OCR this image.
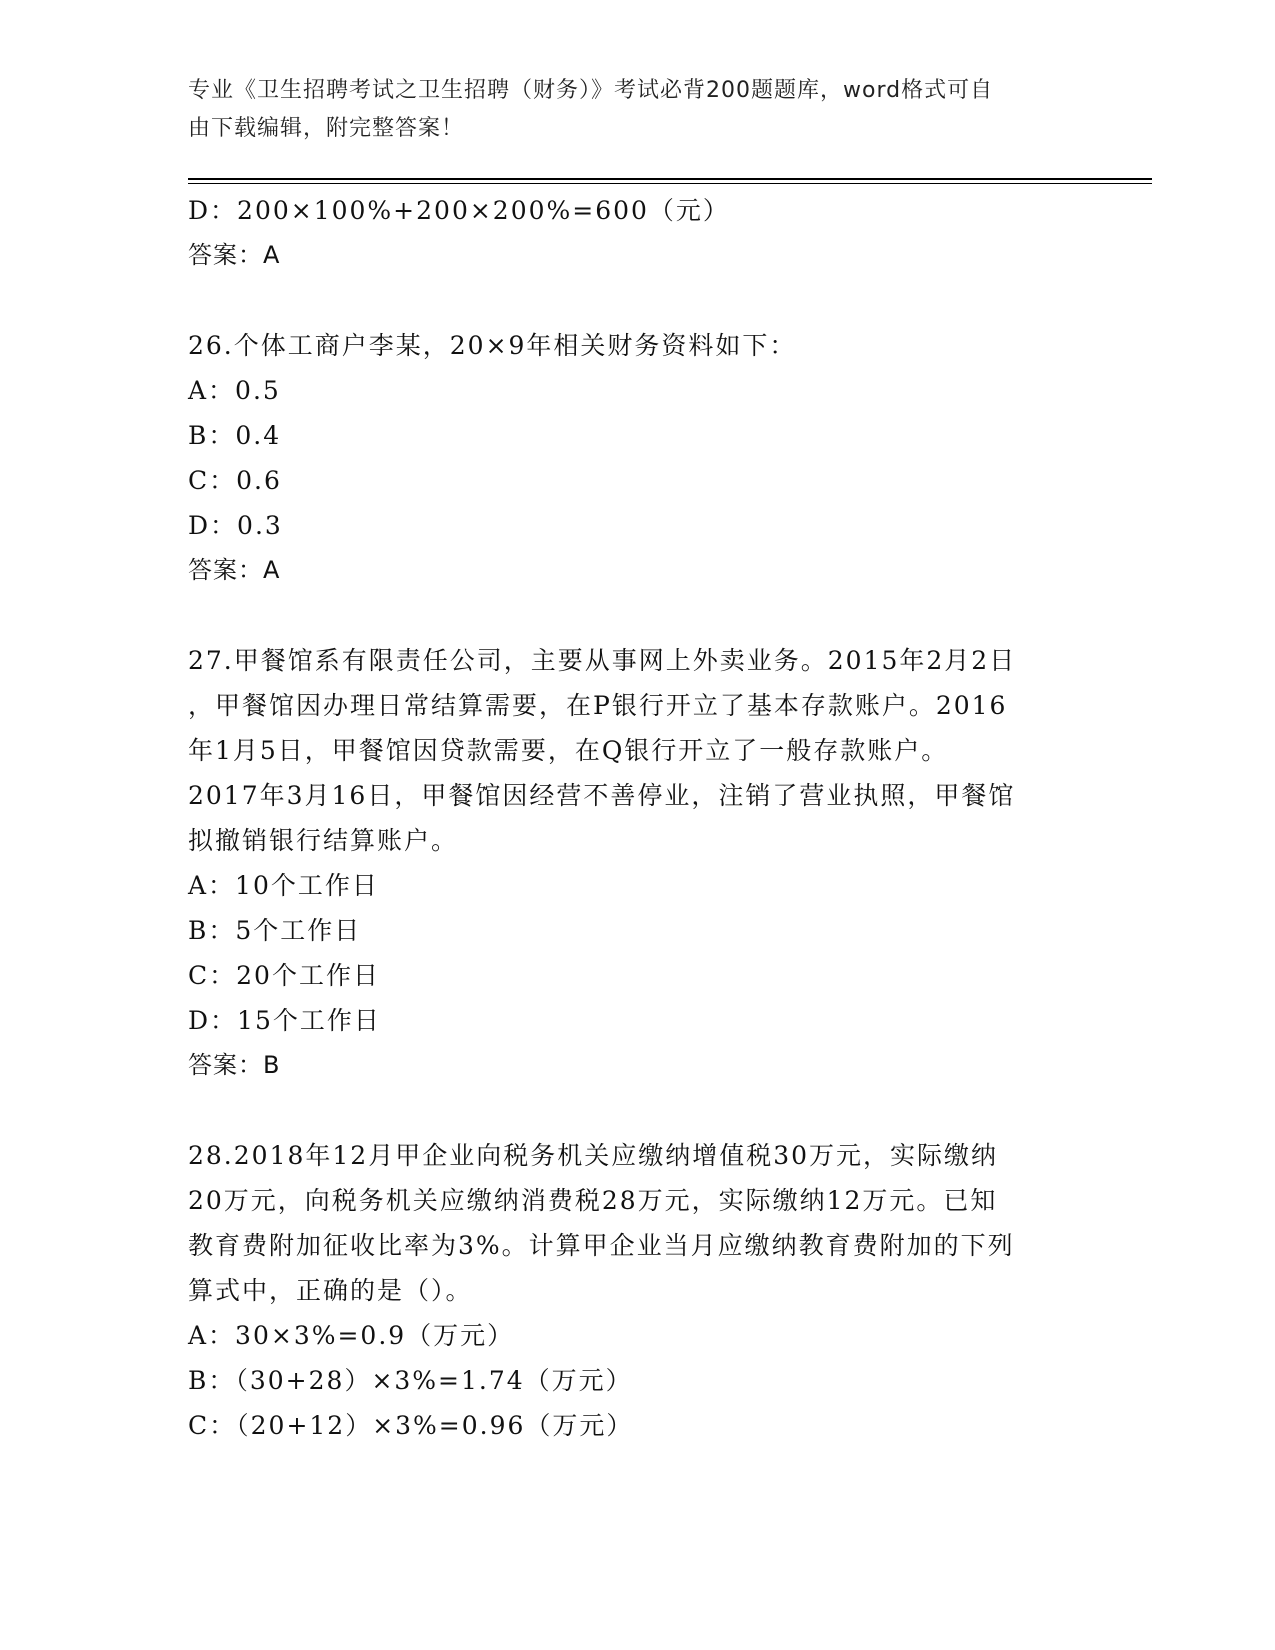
专业《卫生招聘考试之卫生招聘（财务）》考试必背200题题库，word格式可自
由下载编辑，附完整答案！
D：200×100%+200×200%=600（元）
答案：A
26.个体工商户李某，20×9年相关财务资料如下：
A：0.5
B：0.4
C：0.6
D：0.3
答案：A
27.甲餐馆系有限责任公司，主要从事网上外卖业务。2015年2月2日
，甲餐馆因办理日常结算需要，在P银行开立了基本存款账户。2016
年1月5日，甲餐馆因贷款需要，在Q银行开立了一般存款账户。
2017年3月16日，甲餐馆因经营不善停业，注销了营业执照，甲餐馆
拟撤销银行结算账户。
A：10个工作日
B：5个工作日
C：20个工作日
D：15个工作日
答案：B
28.2018年12月甲企业向税务机关应缴纳增值税30万元，实际缴纳
20万元，向税务机关应缴纳消费税28万元，实际缴纳12万元。已知
教育费附加征收比率为3%。计算甲企业当月应缴纳教育费附加的下列
算式中，正确的是（）。
A：30×3%=0.9（万元）
B：（30+28）×3%=1.74（万元）
C：（20+12）×3%=0.96（万元）
